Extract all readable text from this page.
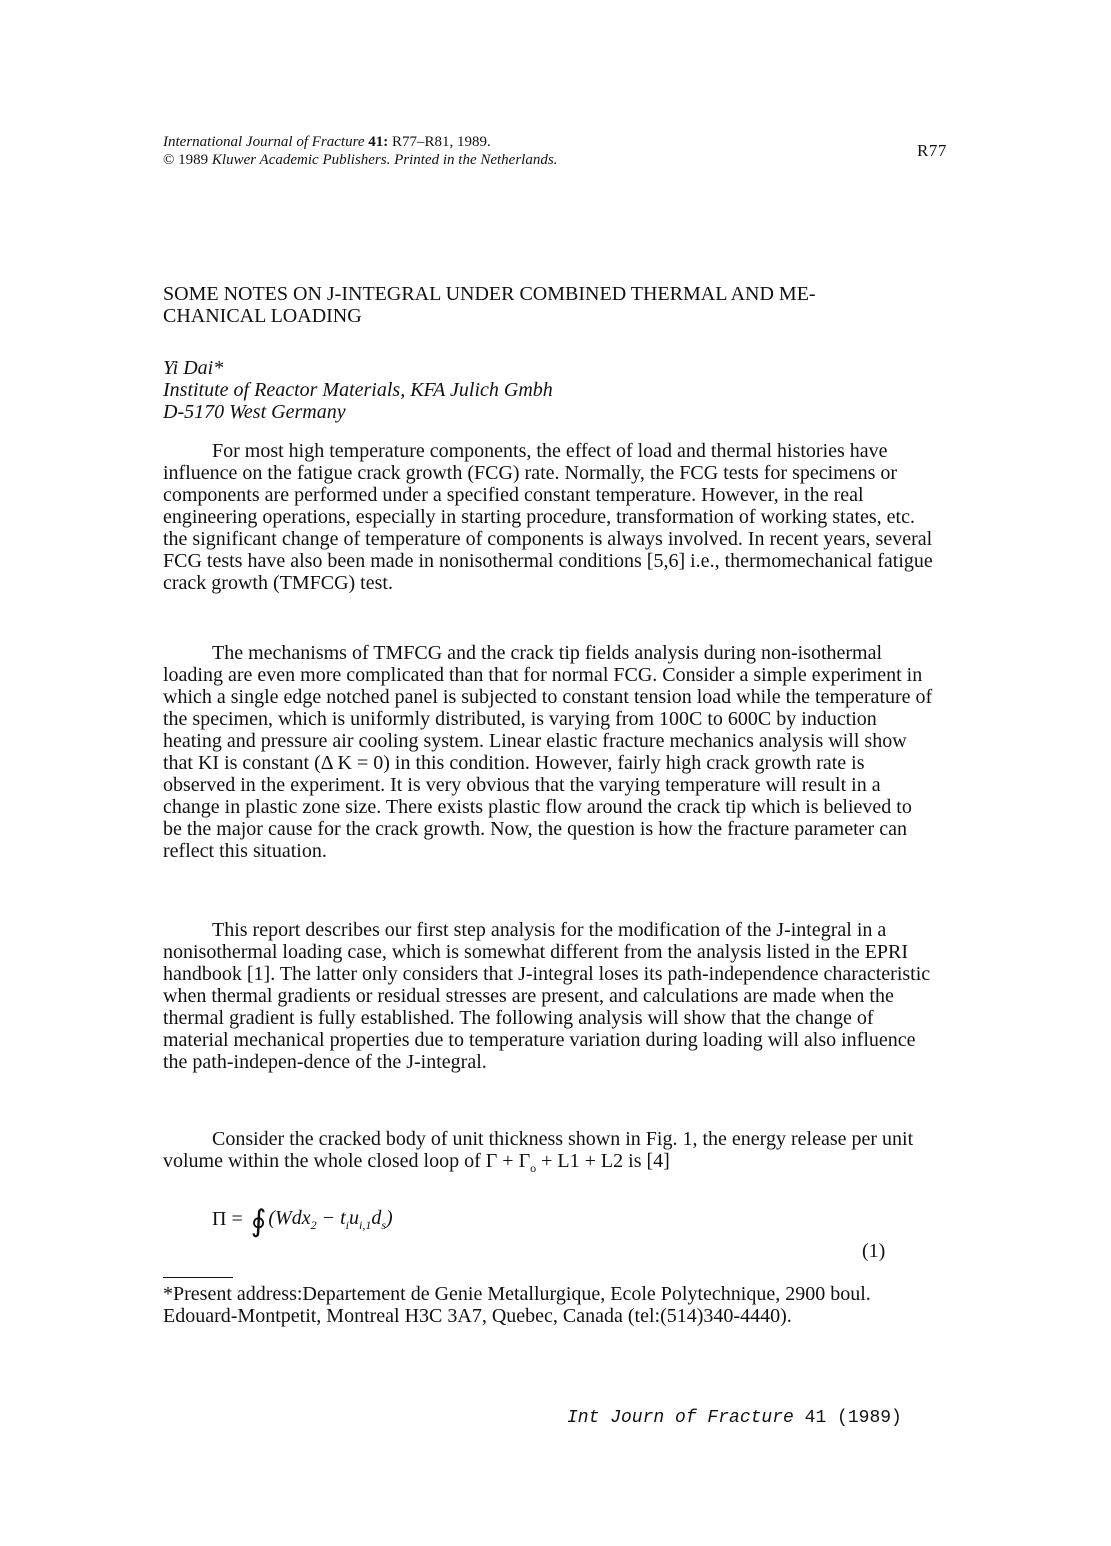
International Journal of Fracture 41: R77–R81, 1989.
© 1989 Kluwer Academic Publishers. Printed in the Netherlands.	R77
SOME NOTES ON J-INTEGRAL UNDER COMBINED THERMAL AND ME-
CHANICAL LOADING
Yi Dai*
Institute of Reactor Materials, KFA Julich Gmbh
D-5170 West Germany

For most high temperature components, the effect of load and thermal histories have influence on the fatigue crack growth (FCG) rate. Normally, the FCG tests for specimens or components are performed under a specified constant temperature. However, in the real engineering operations, especially in starting procedure, transformation of working states, etc. the significant change of temperature of components is always involved. In recent years, several FCG tests have also been made in nonisothermal conditions [5,6] i.e., thermomechanical fatigue crack growth (TMFCG) test.

The mechanisms of TMFCG and the crack tip fields analysis during non-isothermal loading are even more complicated than that for normal FCG. Consider a simple experiment in which a single edge notched panel is subjected to constant tension load while the temperature of the specimen, which is uniformly distributed, is varying from 100C to 600C by induction heating and pressure air cooling system. Linear elastic fracture mechanics analysis will show that KI is constant (Δ K = 0) in this condition. However, fairly high crack growth rate is observed in the experiment. It is very obvious that the varying temperature will result in a change in plastic zone size. There exists plastic flow around the crack tip which is believed to be the major cause for the crack growth. Now, the question is how the fracture parameter can reflect this situation.

This report describes our first step analysis for the modification of the J-integral in a nonisothermal loading case, which is somewhat different from the analysis listed in the EPRI handbook [1]. The latter only considers that J-integral loses its path-independence characteristic when thermal gradients or residual stresses are present, and calculations are made when the thermal gradient is fully established. The following analysis will show that the change of material mechanical properties due to temperature variation during loading will also influence the path-indepen-dence of the J-integral.

Consider the cracked body of unit thickness shown in Fig. 1, the energy release per unit volume within the whole closed loop of $\Gamma + \Gamma_o + L1 + L2$ is [4]

Π = ∮ $(Wdx_2 - t_iu_{i,1}d_s)$
(1)

*Present address:Departement de Genie Metallurgique, Ecole Polytechnique, 2900 boul. Edouard-Montpetit, Montreal H3C 3A7, Quebec, Canada (tel:(514)340-4440).

Int Journ of Fracture 41 (1989)
